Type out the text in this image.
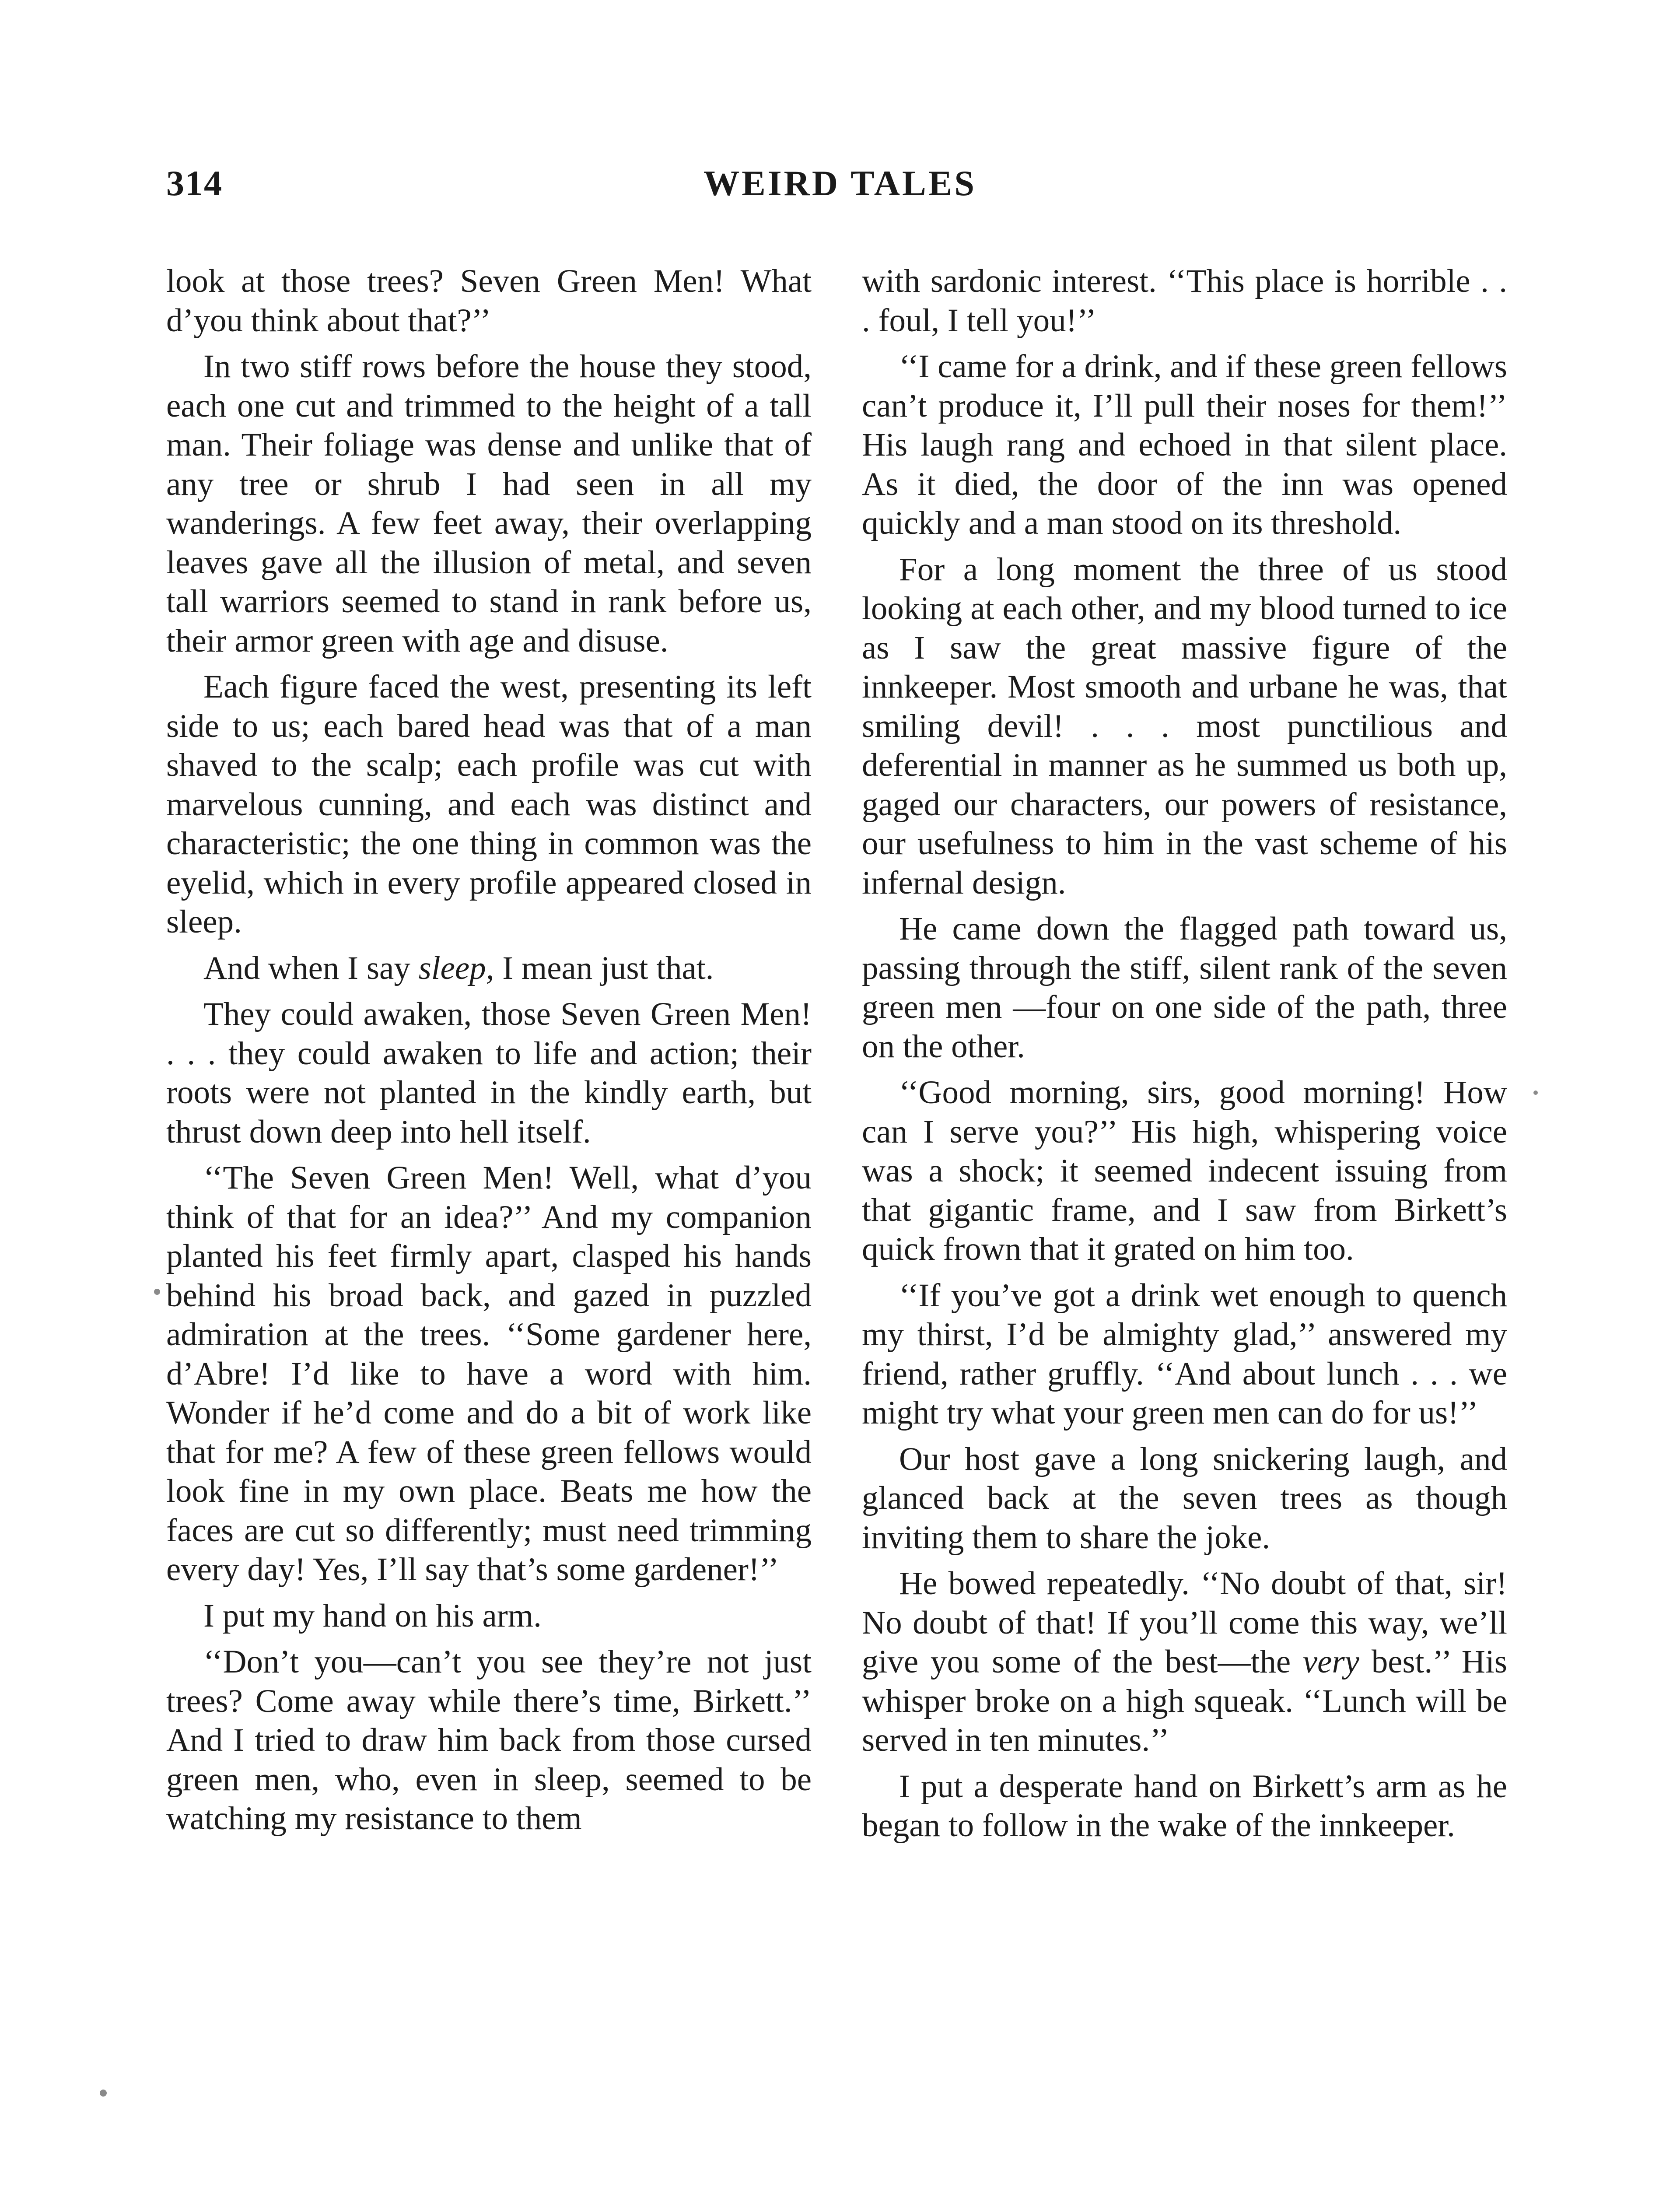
314	WEIRD TALES

look at those trees? Seven Green Men! What d’you think about that?’’

In two stiff rows before the house they stood, each one cut and trimmed to the height of a tall man. Their foliage was dense and unlike that of any tree or shrub I had seen in all my wanderings. A few feet away, their overlapping leaves gave all the illusion of metal, and seven tall warriors seemed to stand in rank before us, their armor green with age and disuse.

Each figure faced the west, presenting its left side to us; each bared head was that of a man shaved to the scalp; each profile was cut with marvelous cunning, and each was distinct and characteristic; the one thing in common was the eyelid, which in every profile appeared closed in sleep.

And when I say sleep, I mean just that.

They could awaken, those Seven Green Men! . . . they could awaken to life and action; their roots were not planted in the kindly earth, but thrust down deep into hell itself.

‘‘The Seven Green Men! Well, what d’you think of that for an idea?’’ And my companion planted his feet firmly apart, clasped his hands behind his broad back, and gazed in puzzled admiration at the trees. ‘‘Some gardener here, d’Abre! I’d like to have a word with him. Wonder if he’d come and do a bit of work like that for me? A few of these green fellows would look fine in my own place. Beats me how the faces are cut so differently; must need trimming every day! Yes, I’ll say that’s some gardener!’’

I put my hand on his arm.

‘‘Don’t you—can’t you see they’re not just trees? Come away while there’s time, Birkett.’’ And I tried to draw him back from those cursed green men, who, even in sleep, seemed to be watching my resistance to them

with sardonic interest. ‘‘This place is horrible . . . foul, I tell you!’’

‘‘I came for a drink, and if these green fellows can’t produce it, I’ll pull their noses for them!’’ His laugh rang and echoed in that silent place. As it died, the door of the inn was opened quickly and a man stood on its threshold.

For a long moment the three of us stood looking at each other, and my blood turned to ice as I saw the great massive figure of the innkeeper. Most smooth and urbane he was, that smiling devil! . . . most punctilious and deferential in manner as he summed us both up, gaged our characters, our powers of resistance, our usefulness to him in the vast scheme of his infernal design.

He came down the flagged path toward us, passing through the stiff, silent rank of the seven green men —four on one side of the path, three on the other.

‘‘Good morning, sirs, good morning! How can I serve you?’’ His high, whispering voice was a shock; it seemed indecent issuing from that gigantic frame, and I saw from Birkett’s quick frown that it grated on him too.

‘‘If you’ve got a drink wet enough to quench my thirst, I’d be almighty glad,’’ answered my friend, rather gruffly. ‘‘And about lunch . . . we might try what your green men can do for us!’’

Our host gave a long snickering laugh, and glanced back at the seven trees as though inviting them to share the joke.

He bowed repeatedly. ‘‘No doubt of that, sir! No doubt of that! If you’ll come this way, we’ll give you some of the best—the very best.’’ His whisper broke on a high squeak. ‘‘Lunch will be served in ten minutes.’’

I put a desperate hand on Birkett’s arm as he began to follow in the wake of the innkeeper.
